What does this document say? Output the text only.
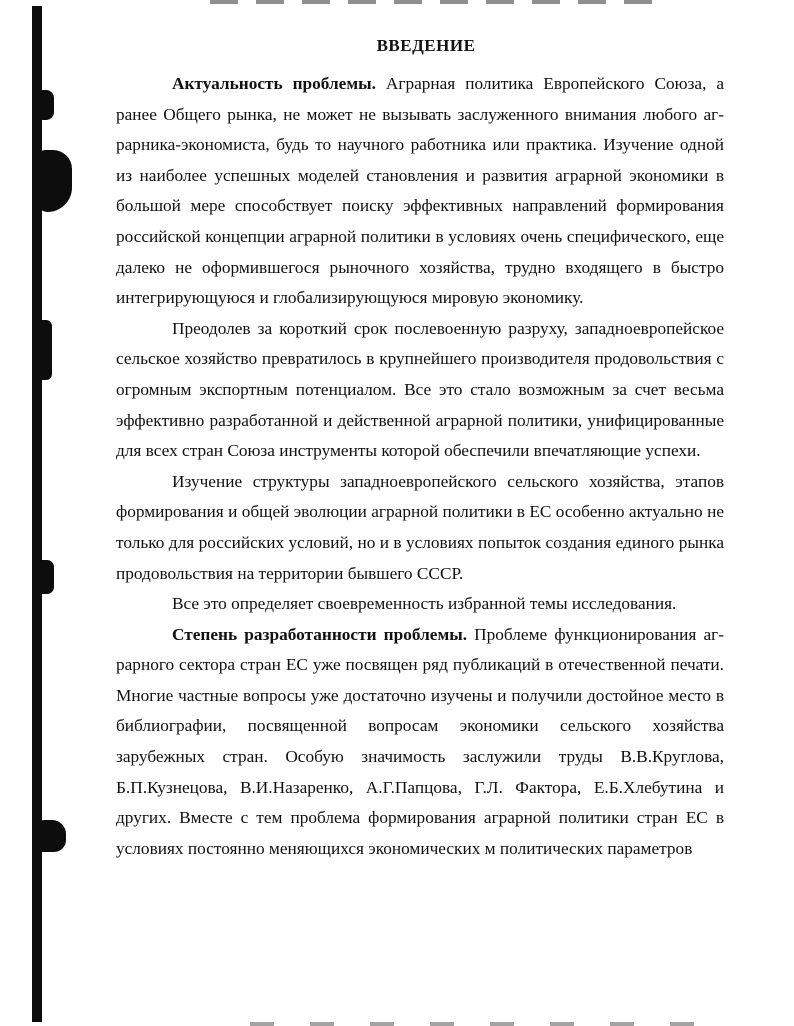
ВВЕДЕНИЕ

Актуальность проблемы. Аграрная политика Европейского Союза, а ранее Общего рынка, не может не вызывать заслуженного внимания любого аграрника-экономиста, будь то научного работника или практика. Изучение одной из наиболее успешных моделей становления и развития аграрной экономики в большой мере способствует поиску эффективных направлений формирования российской концепции аграрной политики в условиях очень специфического, еще далеко не оформившегося рыночного хозяйства, трудно входящего в быстро интегрирующуюся и глобализирующуюся мировую экономику.

Преодолев за короткий срок послевоенную разруху, западноевропейское сельское хозяйство превратилось в крупнейшего производителя продовольствия с огромным экспортным потенциалом. Все это стало возможным за счет весьма эффективно разработанной и действенной аграрной политики, унифицированные для всех стран Союза инструменты которой обеспечили впечатляющие успехи.

Изучение структуры западноевропейского сельского хозяйства, этапов формирования и общей эволюции аграрной политики в ЕС особенно актуально не только для российских условий, но и в условиях попыток создания единого рынка продовольствия на территории бывшего СССР.

Все это определяет своевременность избранной темы исследования.

Степень разработанности проблемы. Проблеме функционирования аграрного сектора стран ЕС уже посвящен ряд публикаций в отечественной печати. Многие частные вопросы уже достаточно изучены и получили достойное место в библиографии, посвященной вопросам экономики сельского хозяйства зарубежных стран. Особую значимость заслужили труды В.В.Круглова, Б.П.Кузнецова, В.И.Назаренко, А.Г.Папцова, Г.Л. Фактора, Е.Б.Хлебутина и других. Вместе с тем проблема формирования аграрной политики стран ЕС в условиях постоянно меняющихся экономических м политических параметров
